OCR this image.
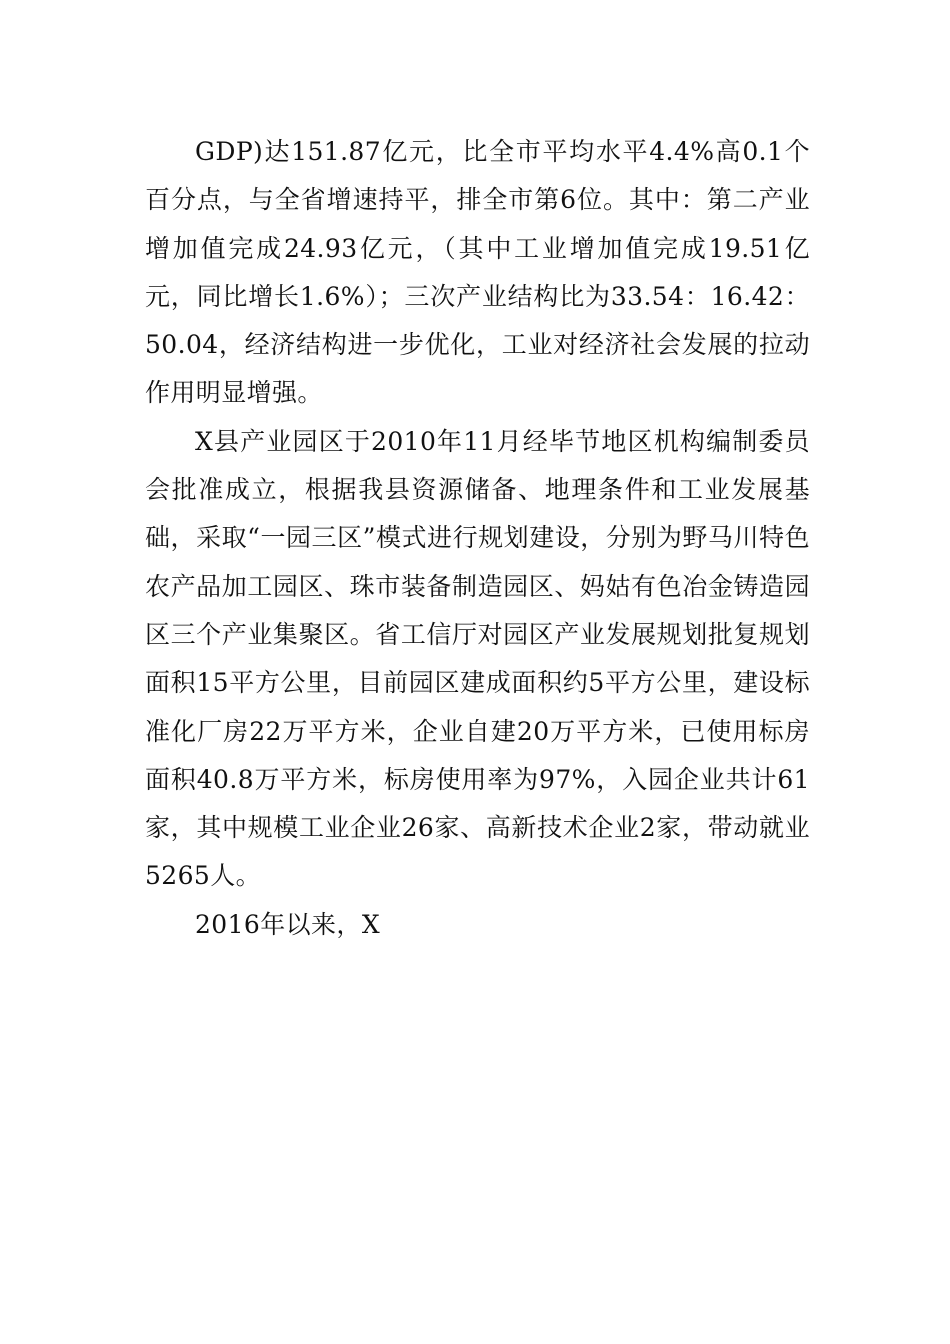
GDP)达151.87亿元，比全市平均水平4.4%高0.1个百分点，与全省增速持平，排全市第6位。其中：第二产业增加值完成24.93亿元，（其中工业增加值完成19.51亿元，同比增长1.6%）；三次产业结构比为33.54：16.42：50.04，经济结构进一步优化，工业对经济社会发展的拉动作用明显增强。

X县产业园区于2010年11月经毕节地区机构编制委员会批准成立，根据我县资源储备、地理条件和工业发展基础，采取“一园三区”模式进行规划建设，分别为野马川特色农产品加工园区、珠市装备制造园区、妈姑有色冶金铸造园区三个产业集聚区。省工信厅对园区产业发展规划批复规划面积15平方公里，目前园区建成面积约5平方公里，建设标准化厂房22万平方米，企业自建20万平方米，已使用标房面积40.8万平方米，标房使用率为97%，入园企业共计61家，其中规模工业企业26家、高新技术企业2家，带动就业5265人。

2016年以来，X
